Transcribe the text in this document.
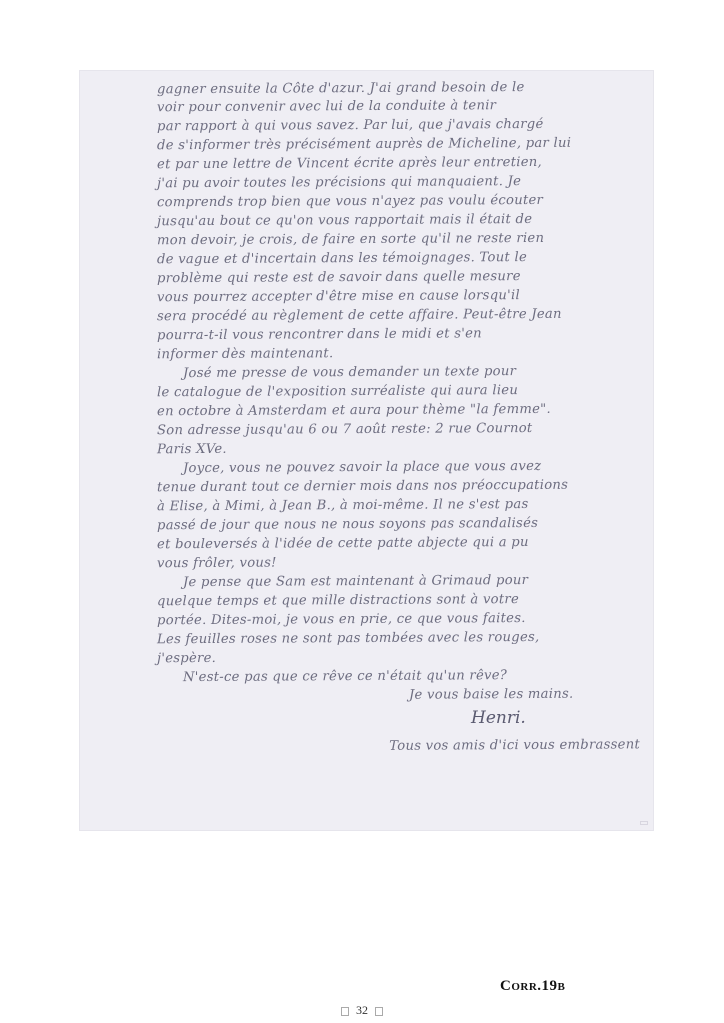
gagner ensuite la Côte d'azur. J'ai grand besoin de le
voir pour convenir avec lui de la conduite à tenir
par rapport à qui vous savez. Par lui, que j'avais chargé
de s'informer très précisément auprès de Micheline, par lui
et par une lettre de Vincent écrite après leur entretien,
j'ai pu avoir toutes les précisions qui manquaient. Je
comprends trop bien que vous n'ayez pas voulu écouter
jusqu'au bout ce qu'on vous rapportait mais il était de
mon devoir, je crois, de faire en sorte qu'il ne reste rien
de vague et d'incertain dans les témoignages. Tout le
problème qui reste est de savoir dans quelle mesure
vous pourrez accepter d'être mise en cause lorsqu'il
sera procédé au règlement de cette affaire. Peut-être Jean
pourra-t-il vous rencontrer dans le midi et s'en
informer dès maintenant.
José me presse de vous demander un texte pour
le catalogue de l'exposition surréaliste qui aura lieu
en octobre à Amsterdam et aura pour thème "la femme".
Son adresse jusqu'au 6 ou 7 août reste: 2 rue Cournot
Paris XVe.
Joyce, vous ne pouvez savoir la place que vous avez
tenue durant tout ce dernier mois dans nos préoccupations
à Elise, à Mimi, à Jean B., à moi-même. Il ne s'est pas
passé de jour que nous ne nous soyons pas scandalisés
et bouleversés à l'idée de cette patte abjecte qui a pu
vous frôler, vous!
Je pense que Sam est maintenant à Grimaud pour
quelque temps et que mille distractions sont à votre
portée. Dites-moi, je vous en prie, ce que vous faites.
Les feuilles roses ne sont pas tombées avec les rouges,
j'espère.
N'est-ce pas que ce rêve ce n'était qu'un rêve?
Je vous baise les mains.
Henri.
Tous vos amis d'ici vous embrassent
Corr.19b
32
